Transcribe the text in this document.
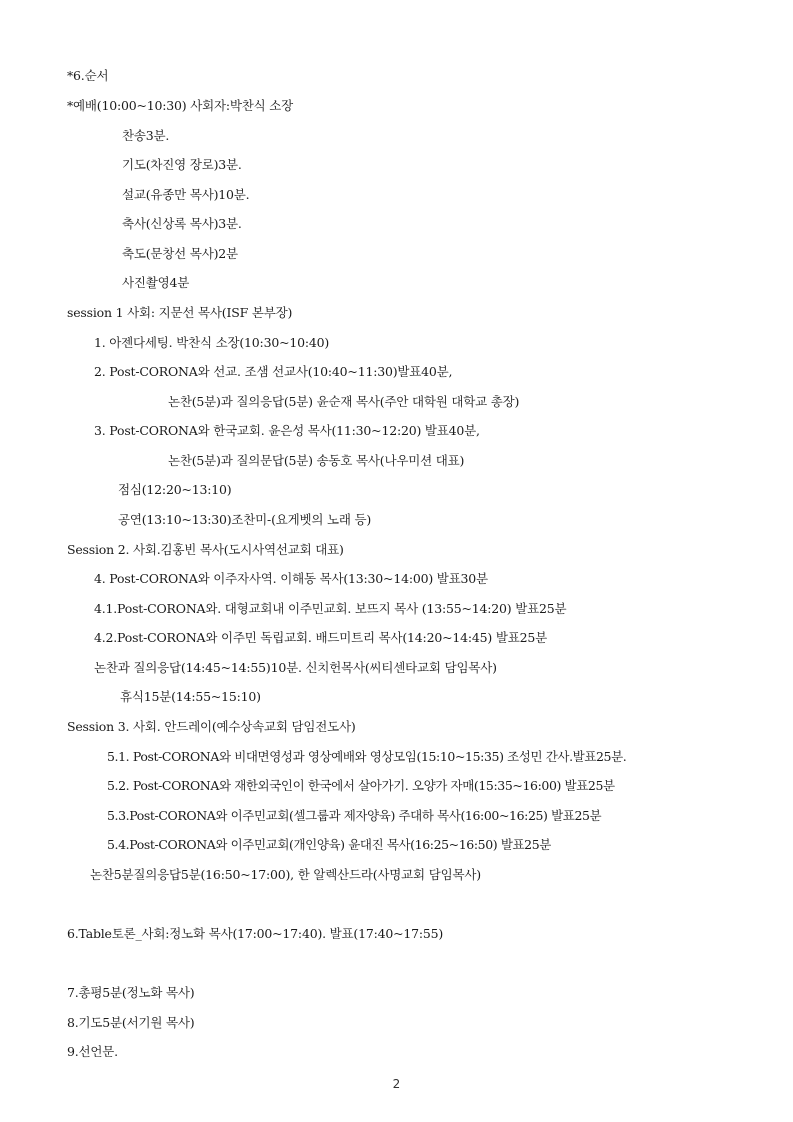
*6.순서
*예배(10:00~10:30) 사회자:박찬식 소장
찬송3분.
기도(차진영 장로)3분.
설교(유종만 목사)10분.
축사(신상록 목사)3분.
축도(문창선 목사)2분
사진촬영4분
session 1 사회: 지문선 목사(ISF 본부장)
1. 아젠다세팅. 박찬식 소장(10:30~10:40)
2. Post-CORONA와 선교. 조샘 선교사(10:40~11:30)발표40분,
논찬(5분)과 질의응답(5분) 윤순재 목사(주안 대학원 대학교 총장)
3. Post-CORONA와 한국교회. 윤은성 목사(11:30~12:20) 발표40분,
논찬(5분)과 질의문답(5분) 송동호 목사(나우미션 대표)
점심(12:20~13:10)
공연(13:10~13:30)조찬미-(요게벳의 노래 등)
Session 2. 사회.김홍빈 목사(도시사역선교회 대표)
4. Post-CORONA와 이주자사역. 이해동 목사(13:30~14:00) 발표30분
4.1.Post-CORONA와. 대형교회내 이주민교회. 보뜨지 목사 (13:55~14:20) 발표25분
4.2.Post-CORONA와 이주민 독립교회. 배드미트리 목사(14:20~14:45) 발표25분
논찬과 질의응답(14:45~14:55)10분. 신치헌목사(씨티센타교회 담임목사)
휴식15분(14:55~15:10)
Session 3. 사회. 안드레이(예수상속교회 담임전도사)
5.1. Post-CORONA와 비대면영성과 영상예배와 영상모임(15:10~15:35) 조성민 간사.발표25분.
5.2. Post-CORONA와 재한외국인이 한국에서 살아가기. 오양가 자매(15:35~16:00) 발표25분
5.3.Post-CORONA와 이주민교회(셀그룹과 제자양육) 주대하 목사(16:00~16:25) 발표25분
5.4.Post-CORONA와 이주민교회(개인양육) 윤대진 목사(16:25~16:50) 발표25분
논찬5분질의응답5분(16:50~17:00), 한 알렉산드라(사명교회 담임목사)
6.Table토론_사회:정노화 목사(17:00~17:40). 발표(17:40~17:55)
7.총평5분(정노화 목사)
8.기도5분(서기원 목사)
9.선언문.
2
